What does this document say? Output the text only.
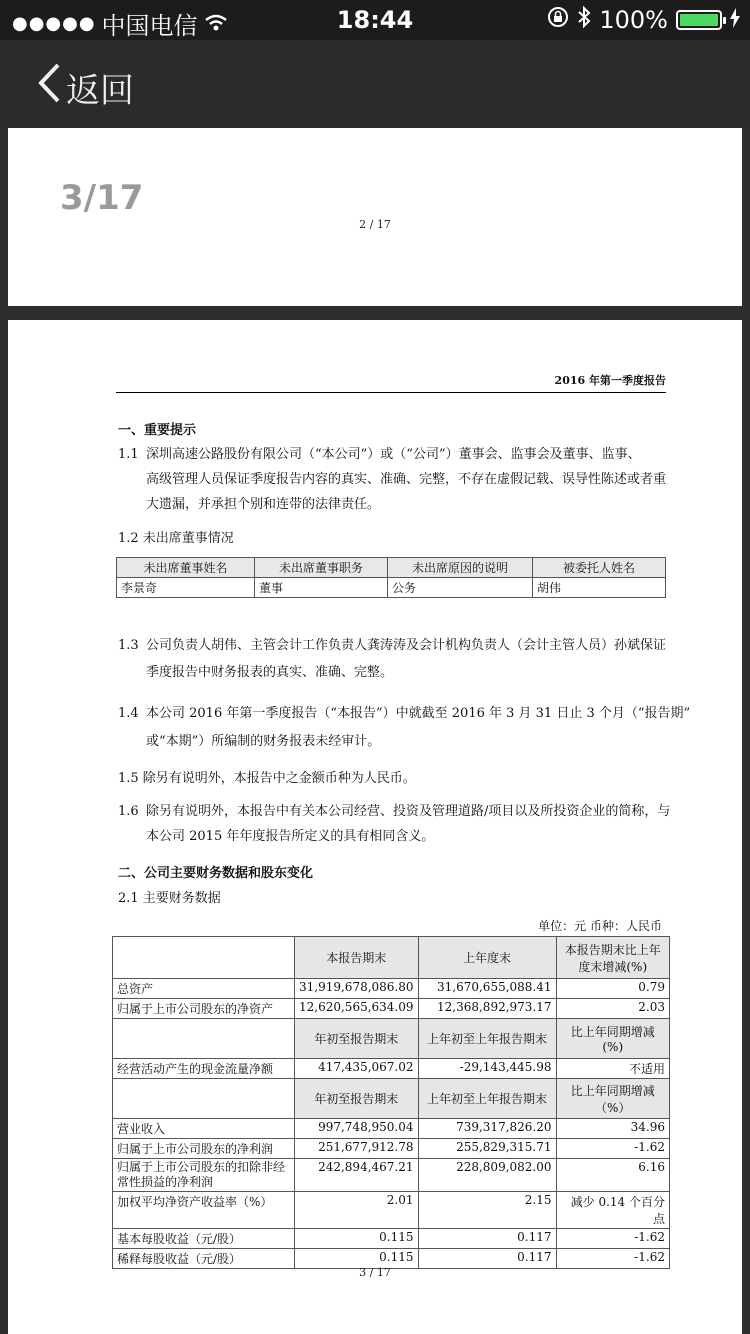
●●●●● 中国电信	18:44	100%
返回
3/17
2 / 17
2016 年第一季度报告
一、重要提示
1.1 深圳高速公路股份有限公司（“本公司”）或（“公司”）董事会、监事会及董事、监事、
高级管理人员保证季度报告内容的真实、准确、完整，不存在虚假记载、误导性陈述或者重
大遗漏，并承担个别和连带的法律责任。
1.2 未出席董事情况
未出席董事姓名	未出席董事职务	未出席原因的说明	被委托人姓名
李景奇	董事	公务	胡伟
1.3 公司负责人胡伟、主管会计工作负责人龚涛涛及会计机构负责人（会计主管人员）孙斌保证
季度报告中财务报表的真实、准确、完整。
1.4 本公司 2016 年第一季度报告（“本报告”）中就截至 2016 年 3 月 31 日止 3 个月（“报告期”
或“本期”）所编制的财务报表未经审计。
1.5 除另有说明外，本报告中之金额币种为人民币。
1.6 除另有说明外，本报告中有关本公司经营、投资及管理道路/项目以及所投资企业的简称，与
本公司 2015 年年度报告所定义的具有相同含义。
二、公司主要财务数据和股东变化
2.1 主要财务数据
单位：元 币种：人民币
	本报告期末	上年度末	本报告期末比上年度末增减(%)
总资产	31,919,678,086.80	31,670,655,088.41	0.79
归属于上市公司股东的净资产	12,620,565,634.09	12,368,892,973.17	2.03
	年初至报告期末	上年初至上年报告期末	比上年同期增减(%)
经营活动产生的现金流量净额	417,435,067.02	-29,143,445.98	不适用
	年初至报告期末	上年初至上年报告期末	比上年同期增减（%）
营业收入	997,748,950.04	739,317,826.20	34.96
归属于上市公司股东的净利润	251,677,912.78	255,829,315.71	-1.62
归属于上市公司股东的扣除非经常性损益的净利润	242,894,467.21	228,809,082.00	6.16
加权平均净资产收益率（%）	2.01	2.15	减少 0.14 个百分点
基本每股收益（元/股）	0.115	0.117	-1.62
稀释每股收益（元/股）	0.115	0.117	-1.62
3 / 17
